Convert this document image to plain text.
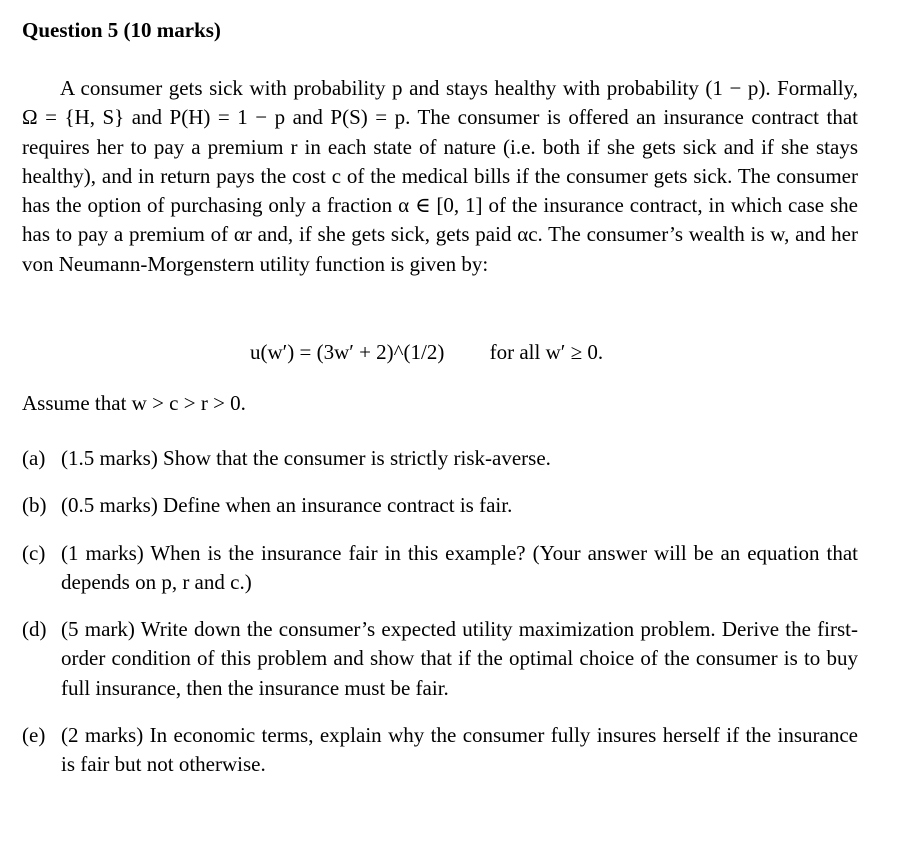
Question 5 (10 marks)

A consumer gets sick with probability p and stays healthy with probability (1 − p). Formally, Ω = {H, S} and P(H) = 1 − p and P(S) = p. The consumer is offered an insurance contract that requires her to pay a premium r in each state of nature (i.e. both if she gets sick and if she stays healthy), and in return pays the cost c of the medical bills if the consumer gets sick. The consumer has the option of purchasing only a fraction α ∈ [0, 1] of the insurance contract, in which case she has to pay a premium of αr and, if she gets sick, gets paid αc. The consumer’s wealth is w, and her von Neumann-Morgenstern utility function is given by:

u(w′) = (3w′ + 2)^(1/2) for all w′ ≥ 0.

Assume that w > c > r > 0.

(a) (1.5 marks) Show that the consumer is strictly risk-averse.
(b) (0.5 marks) Define when an insurance contract is fair.
(c) (1 marks) When is the insurance fair in this example? (Your answer will be an equation that depends on p, r and c.)
(d) (5 mark) Write down the consumer’s expected utility maximization problem. Derive the first-order condition of this problem and show that if the optimal choice of the consumer is to buy full insurance, then the insurance must be fair.
(e) (2 marks) In economic terms, explain why the consumer fully insures herself if the insurance is fair but not otherwise.
